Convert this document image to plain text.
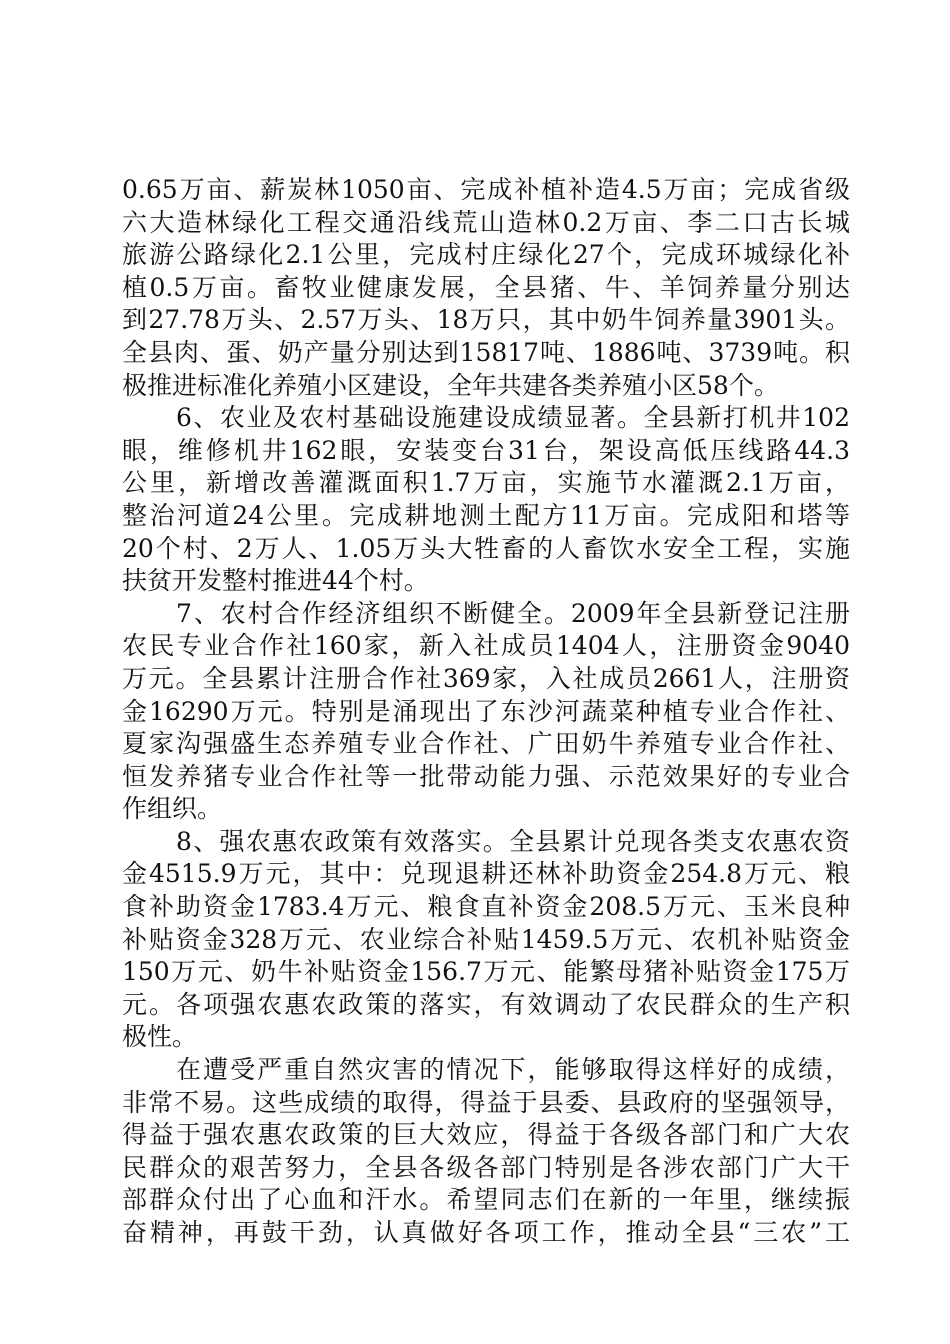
0.65万亩、薪炭林1050亩、完成补植补造4.5万亩；完成省级
六大造林绿化工程交通沿线荒山造林0.2万亩、李二口古长城
旅游公路绿化2.1公里，完成村庄绿化27个，完成环城绿化补
植0.5万亩。畜牧业健康发展，全县猪、牛、羊饲养量分别达
到27.78万头、2.57万头、18万只，其中奶牛饲养量3901头。
全县肉、蛋、奶产量分别达到15817吨、1886吨、3739吨。积
极推进标准化养殖小区建设，全年共建各类养殖小区58个。
6、农业及农村基础设施建设成绩显著。全县新打机井102
眼，维修机井162眼，安装变台31台，架设高低压线路44.3
公里，新增改善灌溉面积1.7万亩，实施节水灌溉2.1万亩，
整治河道24公里。完成耕地测土配方11万亩。完成阳和塔等
20个村、2万人、1.05万头大牲畜的人畜饮水安全工程，实施
扶贫开发整村推进44个村。
7、农村合作经济组织不断健全。2009年全县新登记注册
农民专业合作社160家，新入社成员1404人，注册资金9040
万元。全县累计注册合作社369家，入社成员2661人，注册资
金16290万元。特别是涌现出了东沙河蔬菜种植专业合作社、
夏家沟强盛生态养殖专业合作社、广田奶牛养殖专业合作社、
恒发养猪专业合作社等一批带动能力强、示范效果好的专业合
作组织。
8、强农惠农政策有效落实。全县累计兑现各类支农惠农资
金4515.9万元，其中：兑现退耕还林补助资金254.8万元、粮
食补助资金1783.4万元、粮食直补资金208.5万元、玉米良种
补贴资金328万元、农业综合补贴1459.5万元、农机补贴资金
150万元、奶牛补贴资金156.7万元、能繁母猪补贴资金175万
元。各项强农惠农政策的落实，有效调动了农民群众的生产积
极性。
在遭受严重自然灾害的情况下，能够取得这样好的成绩，
非常不易。这些成绩的取得，得益于县委、县政府的坚强领导，
得益于强农惠农政策的巨大效应，得益于各级各部门和广大农
民群众的艰苦努力，全县各级各部门特别是各涉农部门广大干
部群众付出了心血和汗水。希望同志们在新的一年里，继续振
奋精神，再鼓干劲，认真做好各项工作，推动全县“三农”工
